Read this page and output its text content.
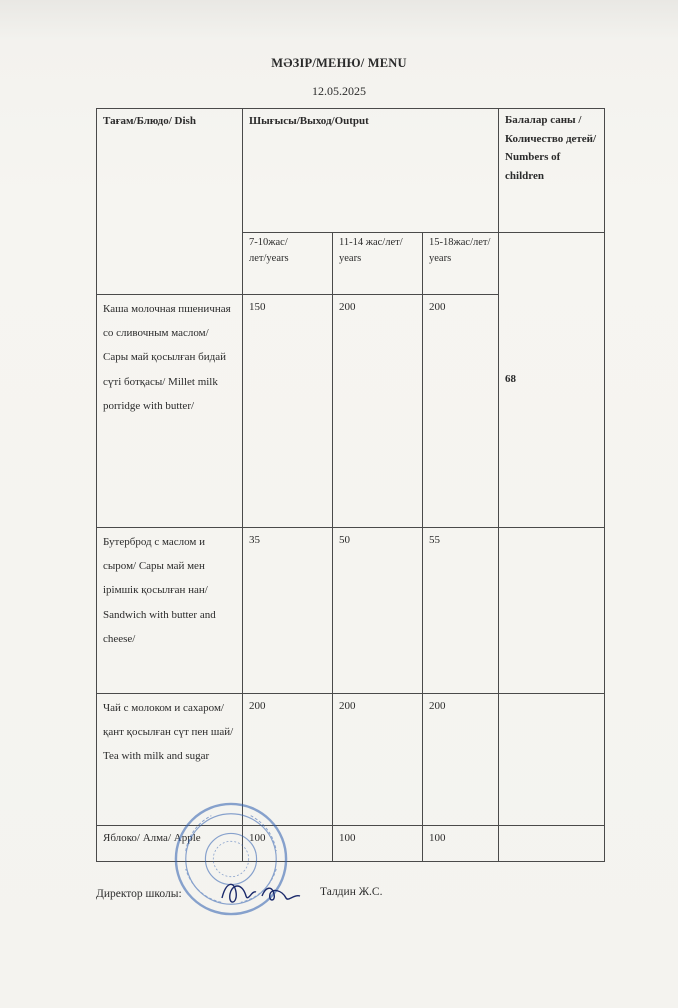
МӘЗІР/МЕНЮ/ MENU
12.05.2025
Тағам/Блюдо/ Dish	Шығысы/Выход/Output			Балалар саны /Количество детей/ Numbers of children
	7-10жас/лет/years	11-14 жас/лет/ years	15-18жас/лет/ years	68
Каша молочная пшеничная со сливочным маслом/ Сары май қосылған бидай сүті ботқасы/ Millet milk porridge with butter/	150	200	200	
Бутерброд с маслом и сыром/ Сары май мен ірімшік қосылған нан/ Sandwich with butter and cheese/	35	50	55	
Чай с молоком и сахаром/қант қосылған сүт пен шай/ Tea with milk and sugar	200	200	200	
Яблоко/ Алма/ Apple	100	100	100	
Директор школы:	Талдин Ж.С.
